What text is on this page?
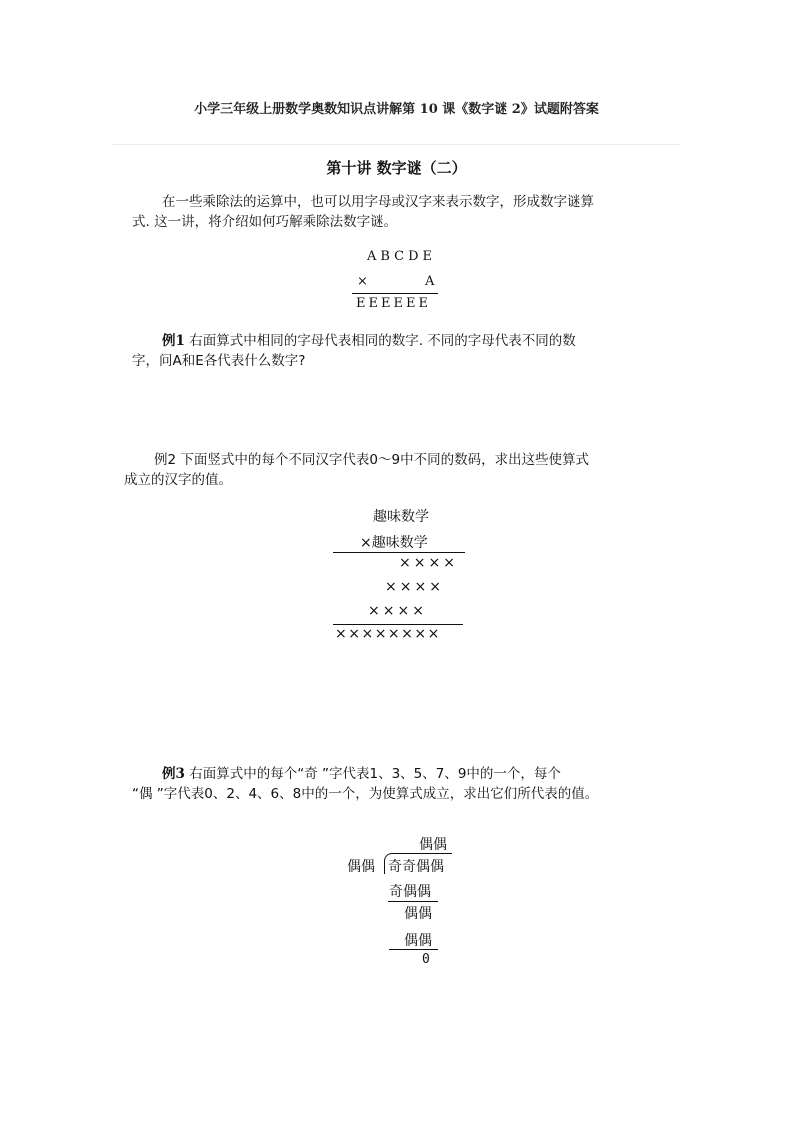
小学三年级上册数学奥数知识点讲解第 10 课《数字谜 2》试题附答案
第十讲 数字谜（二）
在一些乘除法的运算中，也可以用字母或汉字来表示数字，形成数字谜算
式. 这一讲，将介绍如何巧解乘除法数字谜。
ABCDE
×	A
EEEEEE
例1 右面算式中相同的字母代表相同的数字. 不同的字母代表不同的数
字，问A和E各代表什么数字?
例2 下面竖式中的每个不同汉字代表0～9中不同的数码，求出这些使算式
成立的汉字的值。
趣味数学
×趣味数学
××××
××××
××××
××××××××
例3 右面算式中的每个“奇 ”字代表1、3、5、7、9中的一个，每个
“偶 ”字代表0、2、4、6、8中的一个，为使算式成立，求出它们所代表的值。
偶偶
偶偶 奇奇偶偶
奇偶偶
偶偶
偶偶
0
